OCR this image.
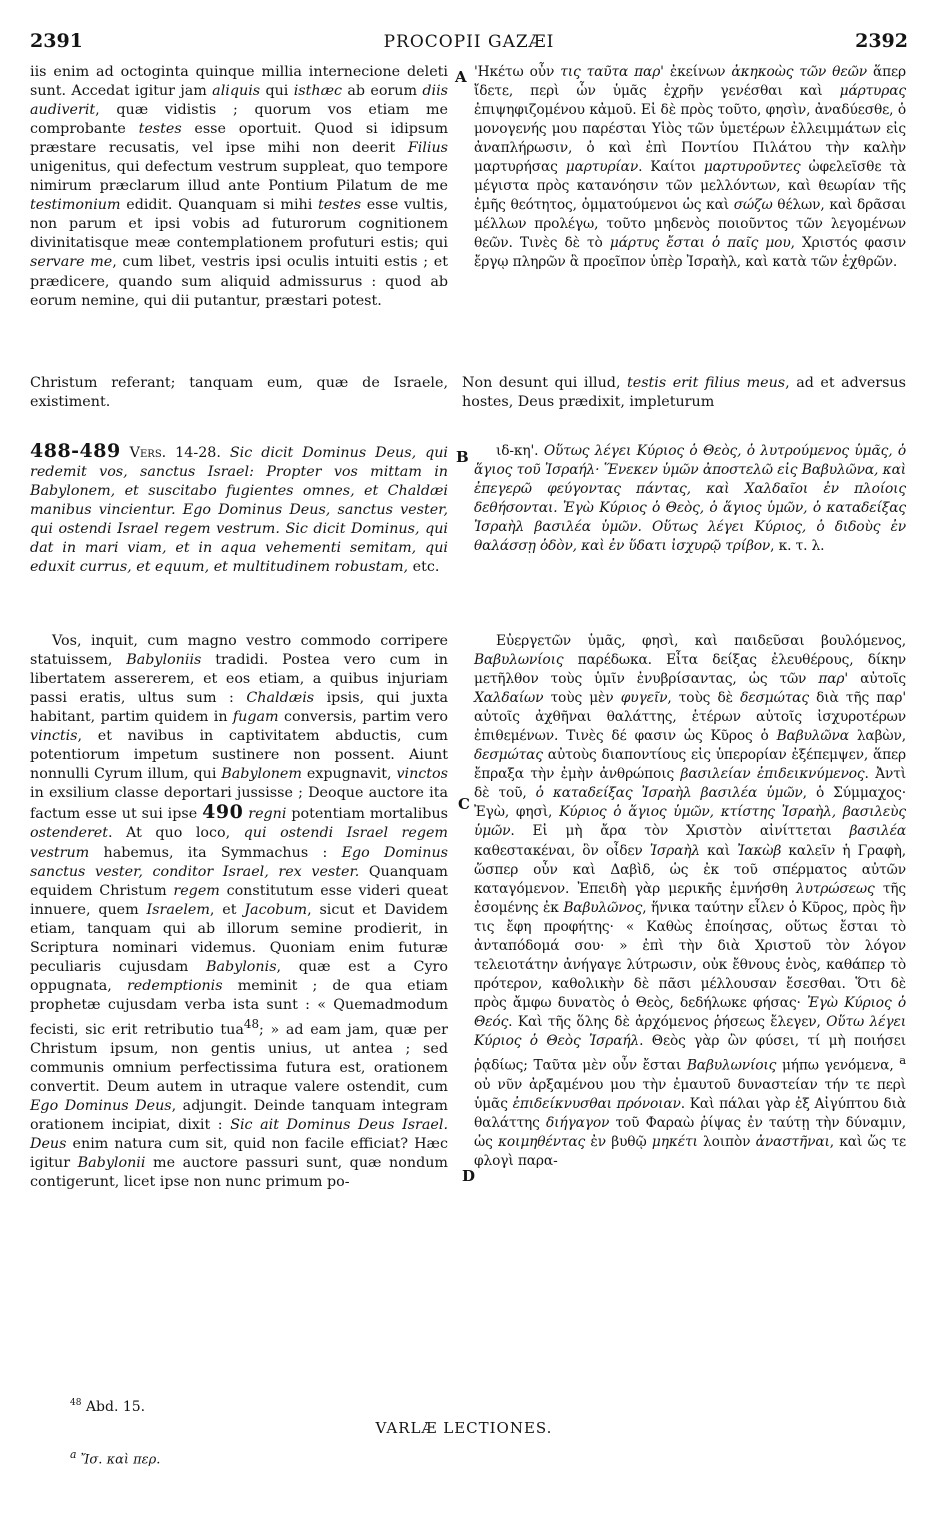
2391	PROCOPII GAZÆI	2392

iis enim ad octoginta quinque millia internecione deleti sunt. Accedat igitur jam aliquis qui isthæc ab eorum diis audiverit, quæ vidistis ; quorum vos etiam me comprobante testes esse oportuit. Quod si idipsum præstare recusatis, vel ipse mihi non deerit Filius unigenitus, qui defectum vestrum suppleat, quo tempore nimirum præclarum illud ante Pontium Pilatum de me testimonium edidit. Quanquam si mihi testes esse vultis, non parum et ipsi vobis ad futurorum cognitionem divinitatisque meæ contemplationem profuturi estis; qui servare me, cum libet, vestris ipsi oculis intuiti estis ; et prædicere, quando sum aliquid admissurus : quod ab eorum nemine, qui dii putantur, præstari potest.

A 'Ηκέτω οὖν τις ταῦτα παρ' ἐκείνων ἀκηκοὼς τῶν θεῶν ἅπερ ἴδετε, περὶ ὧν ὑμᾶς ἐχρῆν γενέσθαι καὶ μάρτυρας ἐπιψηφιζομένου κἀμοῦ. Εἰ δὲ πρὸς τοῦτο, φησὶν, ἀναδύεσθε, ὁ μονογενής μου παρέσται Υἱὸς τῶν ὑμετέρων ἐλλειμμάτων εἰς ἀναπλήρωσιν, ὁ καὶ ἐπὶ Ποντίου Πιλάτου τὴν καλὴν μαρτυρήσας μαρτυρίαν. Καίτοι μαρτυροῦντες ὠφελεῖσθε τὰ μέγιστα πρὸς κατανόησιν τῶν μελλόντων, καὶ θεωρίαν τῆς ἐμῆς θεότητος, ὀμματούμενοι ὡς καὶ σώζω θέλων, καὶ δρᾶσαι μέλλων προλέγω, τοῦτο μηδενὸς ποιοῦντος τῶν λεγομένων θεῶν. Τινὲς δὲ τὸ μάρτυς ἔσται ὁ παῖς μου, Χριστός φασιν ἔργῳ πληρῶν ἃ προεῖπον ὑπὲρ Ἰσραὴλ, καὶ κατὰ τῶν ἐχθρῶν.

Christum referant; tanquam eum, quæ de Israele, existiment.

Non desunt qui illud, testis erit filius meus, ad et adversus hostes, Deus prædixit, impleturum

488-489 Vers. 14-28. Sic dicit Dominus Deus, qui redemit vos, sanctus Israel: Propter vos mittam in Babylonem, et suscitabo fugientes omnes, et Chaldæi manibus vincientur. Ego Dominus Deus, sanctus vester, qui ostendi Israel regem vestrum. Sic dicit Dominus, qui dat in mari viam, et in aqua vehementi semitam, qui eduxit currus, et equum, et multitudinem robustam, etc.

B	ιδ-κη'. Οὕτως λέγει Κύριος ὁ Θεὸς, ὁ λυτρούμενος ὑμᾶς, ὁ ἅγιος τοῦ Ἰσραήλ· Ἕνεκεν ὑμῶν ἀποστελῶ εἰς Βαβυλῶνα, καὶ ἐπεγερῶ φεύγοντας πάντας, καὶ Χαλδαῖοι ἐν πλοίοις δεθήσονται. Ἐγὼ Κύριος ὁ Θεὸς, ὁ ἅγιος ὑμῶν, ὁ καταδείξας Ἰσραὴλ βασιλέα ὑμῶν. Οὕτως λέγει Κύριος, ὁ διδοὺς ἐν θαλάσσῃ ὁδὸν, καὶ ἐν ὕδατι ἰσχυρῷ τρίβον, κ. τ. λ.

Vos, inquit, cum magno vestro commodo corripere statuissem, Babyloniis tradidi. Postea vero cum in libertatem assererem, et eos etiam, a quibus injuriam passi eratis, ultus sum : Chaldæis ipsis, qui juxta habitant, partim quidem in fugam conversis, partim vero vinctis, et navibus in captivitatem abductis, cum potentiorum impetum sustinere non possent. Aiunt nonnulli Cyrum illum, qui Babylonem expugnavit, vinctos in exsilium classe deportari jussisse ; Deoque auctore ita factum esse ut sui ipse 490 regni potentiam mortalibus ostenderet. At quo loco, qui ostendi Israel regem vestrum habemus, ita Symmachus : Ego Dominus sanctus vester, conditor Israel, rex vester. Quanquam equidem Christum regem constitutum esse videri queat innuere, quem Israelem, et Jacobum, sicut et Davidem etiam, tanquam qui ab illorum semine prodierit, in Scriptura nominari videmus. Quoniam enim futuræ peculiaris cujusdam Babylonis, quæ est a Cyro oppugnata, redemptionis meminit ; de qua etiam prophetæ cujusdam verba ista sunt : « Quemadmodum fecisti, sic erit retributio tua$^{48}$; » ad eam jam, quæ per Christum ipsum, non gentis unius, ut antea ; sed communis omnium perfectissima futura est, orationem convertit. Deum autem in utraque valere ostendit, cum Ego Dominus Deus, adjungit. Deinde tanquam integram orationem incipiat, dixit : Sic ait Dominus Deus Israel. Deus enim natura cum sit, quid non facile efficiat? Hæc igitur Babylonii me auctore passuri sunt, quæ nondum contigerunt, licet ipse non nunc primum po-

C
D

Εὐεργετῶν ὑμᾶς, φησὶ, καὶ παιδεῦσαι βουλόμενος, Βαβυλωνίοις παρέδωκα. Εἶτα δείξας ἐλευθέρους, δίκην μετῆλθον τοὺς ὑμῖν ἐνυβρίσαντας, ὡς τῶν παρ' αὐτοῖς Χαλδαίων τοὺς μὲν φυγεῖν, τοὺς δὲ δεσμώτας διὰ τῆς παρ' αὐτοῖς ἀχθῆναι θαλάττης, ἑτέρων αὐτοῖς ἰσχυροτέρων ἐπιθεμένων. Τινὲς δέ φασιν ὡς Κῦρος ὁ Βαβυλῶνα λαβὼν, δεσμώτας αὐτοὺς διαποντίους εἰς ὑπερορίαν ἐξέπεμψεν, ἅπερ ἔπραξα τὴν ἐμὴν ἀνθρώποις βασιλείαν ἐπιδεικνύμενος. Ἀντὶ δὲ τοῦ, ὁ καταδείξας Ἰσραὴλ βασιλέα ὑμῶν, ὁ Σύμμαχος· Ἐγὼ, φησὶ, Κύριος ὁ ἅγιος ὑμῶν, κτίστης Ἰσραὴλ, βασιλεὺς ὑμῶν. Εἰ μὴ ἄρα τὸν Χριστὸν αἰνίττεται βασιλέα καθεστακέναι, ὃν οἶδεν Ἰσραὴλ καὶ Ἰακὼβ καλεῖν ἡ Γραφὴ, ὥσπερ οὖν καὶ Δαβὶδ, ὡς ἐκ τοῦ σπέρματος αὐτῶν καταγόμενον. Ἐπειδὴ γὰρ μερικῆς ἐμνήσθη λυτρώσεως τῆς ἐσομένης ἐκ Βαβυλῶνος, ἥνικα ταύτην εἷλεν ὁ Κῦρος, πρὸς ἣν τις ἔφη προφήτης· « Καθὼς ἐποίησας, οὕτως ἔσται τὸ ἀνταπόδομά σου· » ἐπὶ τὴν διὰ Χριστοῦ τὸν λόγον τελειοτάτην ἀνήγαγε λύτρωσιν, οὐκ ἔθνους ἑνὸς, καθάπερ τὸ πρότερον, καθολικὴν δὲ πᾶσι μέλλουσαν ἔσεσθαι. Ὅτι δὲ πρὸς ἄμφω δυνατὸς ὁ Θεὸς, δεδήλωκε φήσας· Ἐγὼ Κύριος ὁ Θεός. Καὶ τῆς ὅλης δὲ ἀρχόμενος ῥήσεως ἔλεγεν, Οὕτω λέγει Κύριος ὁ Θεὸς Ἰσραήλ. Θεὸς γὰρ ὢν φύσει, τί μὴ ποιήσει ῥᾳδίως; Ταῦτα μὲν οὖν ἔσται Βαβυλωνίοις μήπω γενόμενα, $^a$ οὐ νῦν ἀρξαμένου μου τὴν ἐμαυτοῦ δυναστείαν τήν τε περὶ ὑμᾶς ἐπιδείκνυσθαι πρόνοιαν. Καὶ πάλαι γὰρ ἐξ Αἰγύπτου διὰ θαλάττης διήγαγον τοῦ Φαραὼ ῥίψας ἐν ταύτῃ τὴν δύναμιν, ὡς κοιμηθέντας ἐν βυθῷ μηκέτι λοιπὸν ἀναστῆναι, καὶ ὥς τε φλογὶ παρα-

$^{48}$ Abd. 15.
VARLÆ LECTIONES.
$^a$ Ἴσ. καὶ περ.
